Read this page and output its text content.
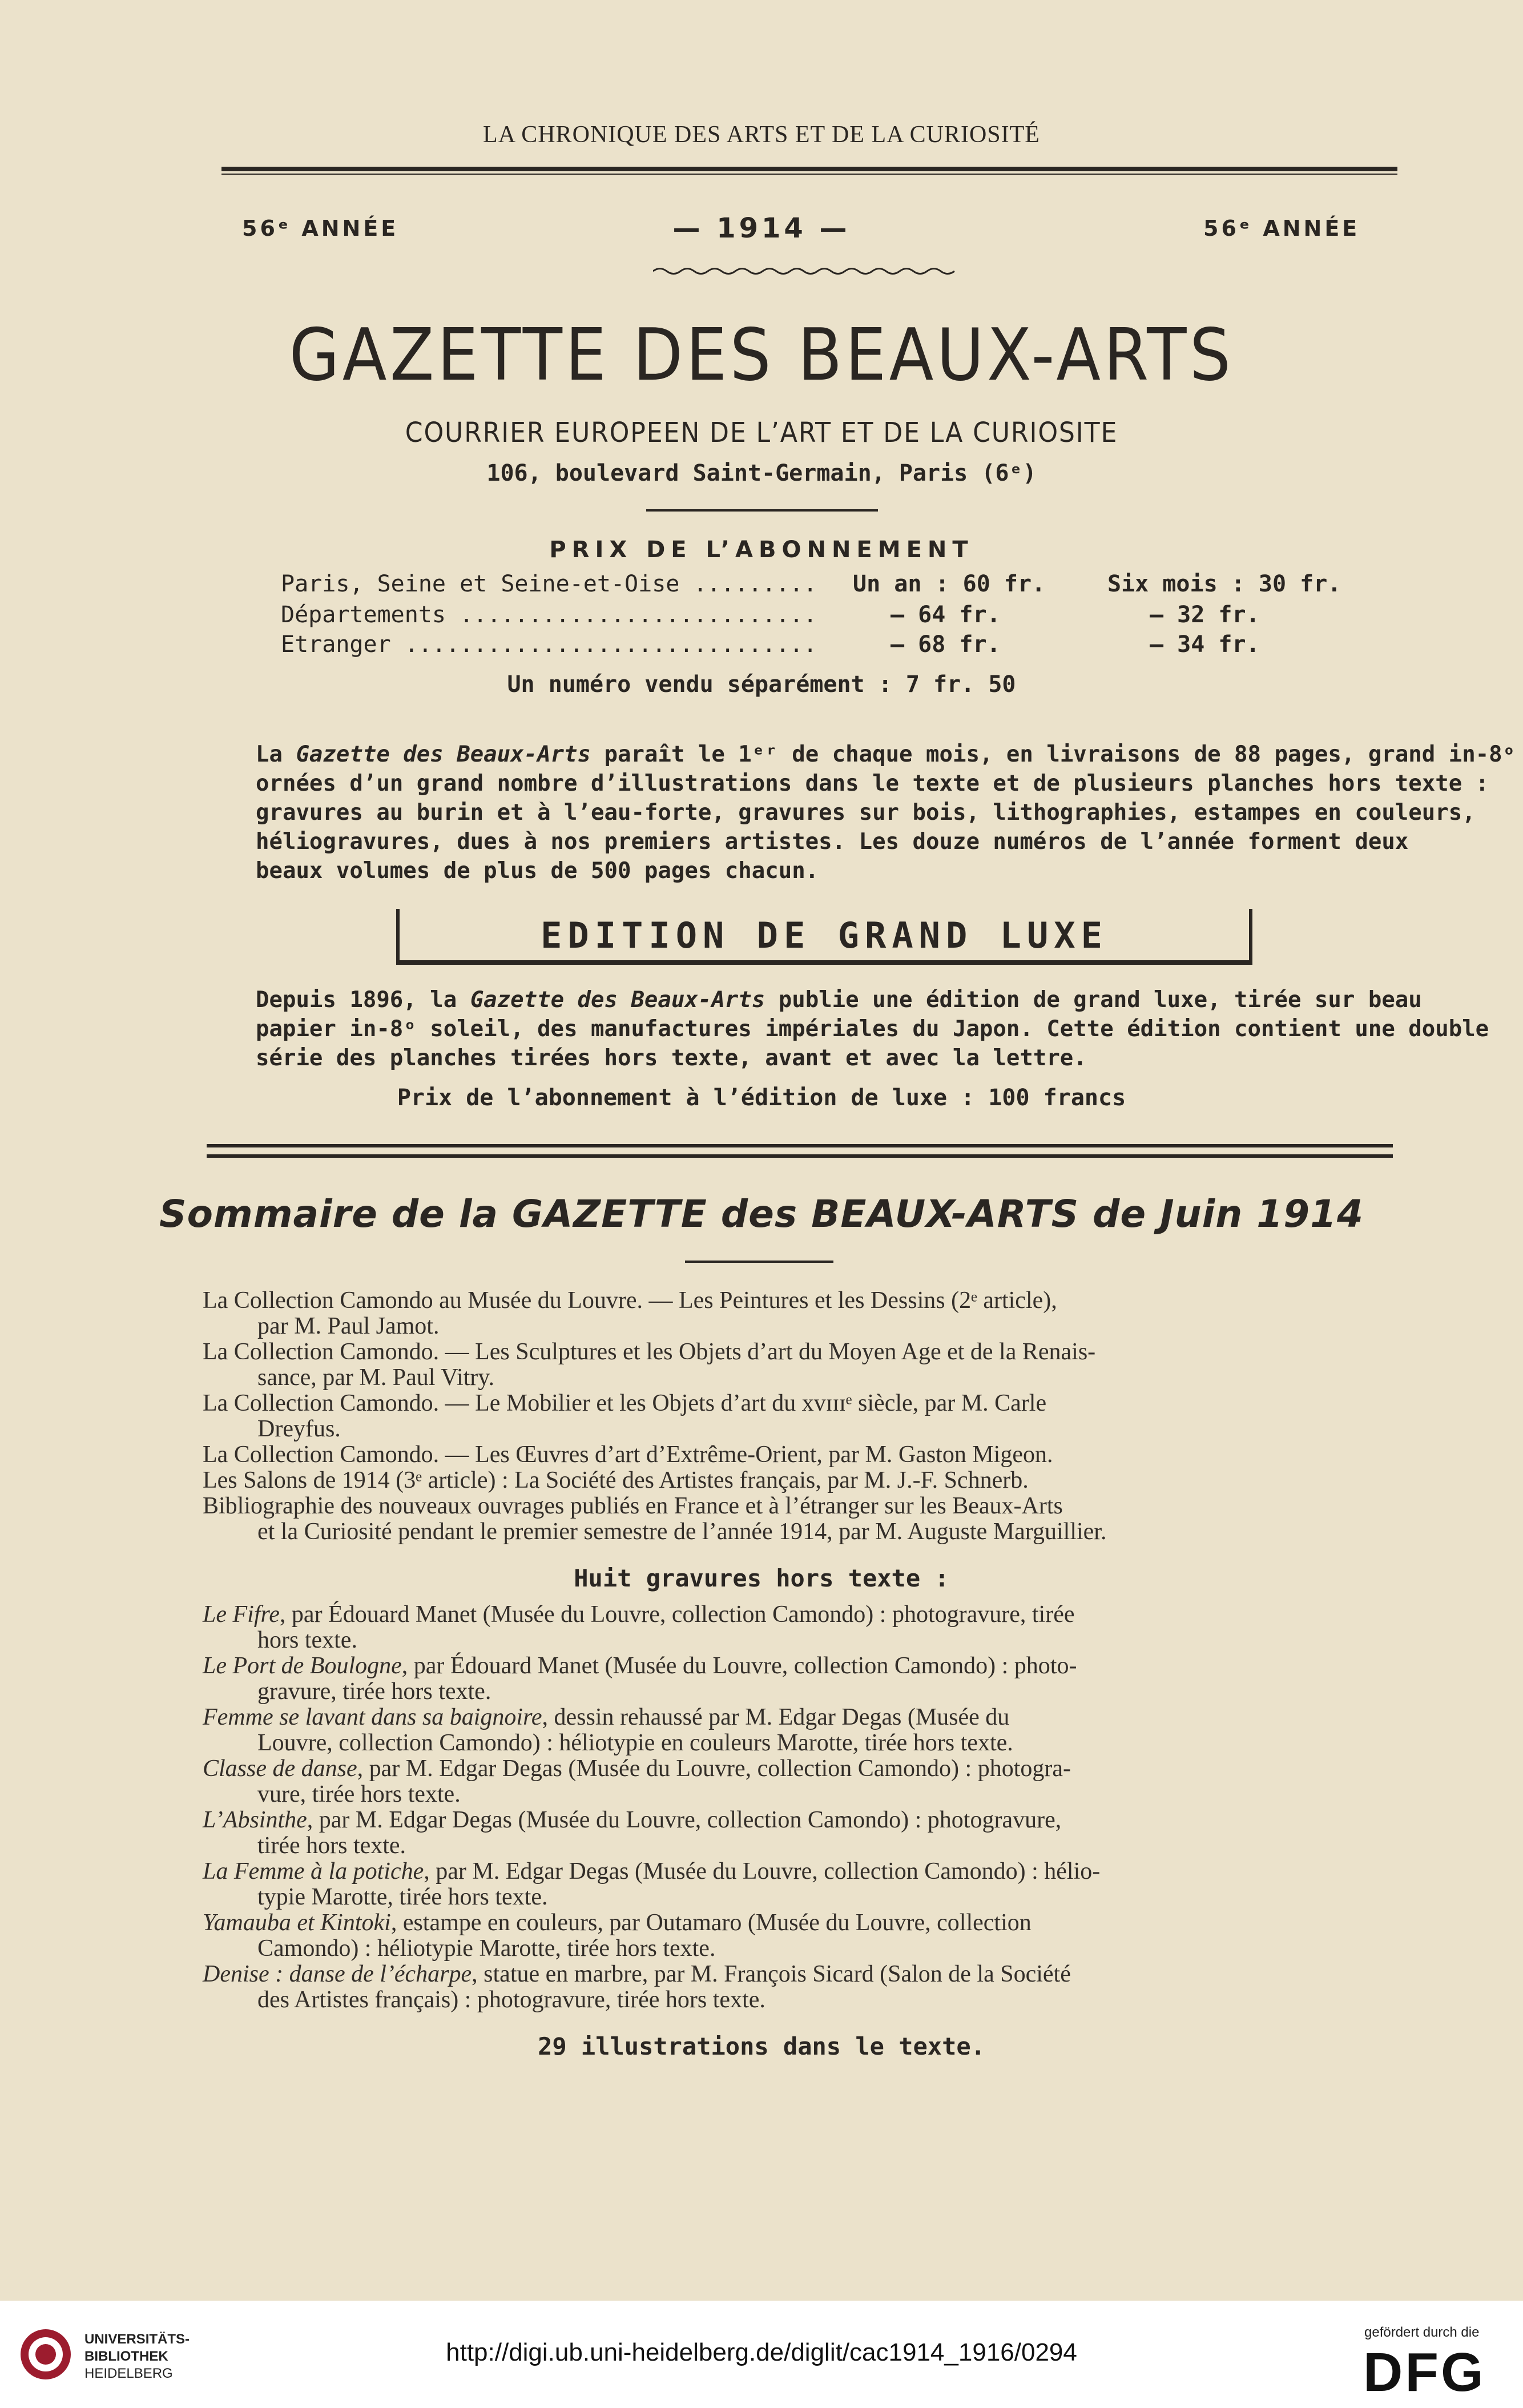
LA CHRONIQUE DES ARTS ET DE LA CURIOSITÉ
56ᵉ ANNÉE	— 1914 —	56ᵉ ANNÉE
GAZETTE DES BEAUX-ARTS
COURRIER EUROPEEN DE L’ART ET DE LA CURIOSITE
106, boulevard Saint-Germain, Paris (6ᵉ)
PRIX DE L’ABONNEMENT
Paris, Seine et Seine-et-Oise ......... Un an : 60 fr.	Six mois : 30 fr.
Départements ..........................	— 64 fr.	— 32 fr.
Etranger ..............................	— 68 fr.	— 34 fr.
Un numéro vendu séparément : 7 fr. 50
La Gazette des Beaux-Arts paraît le 1ᵉʳ de chaque mois, en livraisons de 88 pages, grand in-8ᵒ
ornées d’un grand nombre d’illustrations dans le texte et de plusieurs planches hors texte :
gravures au burin et à l’eau-forte, gravures sur bois, lithographies, estampes en couleurs,
héliogravures, dues à nos premiers artistes. Les douze numéros de l’année forment deux
beaux volumes de plus de 500 pages chacun.
EDITION DE GRAND LUXE
Depuis 1896, la Gazette des Beaux-Arts publie une édition de grand luxe, tirée sur beau
papier in-8ᵒ soleil, des manufactures impériales du Japon. Cette édition contient une double
série des planches tirées hors texte, avant et avec la lettre.
Prix de l’abonnement à l’édition de luxe : 100 francs
Sommaire de la GAZETTE des BEAUX-ARTS de Juin 1914
La Collection Camondo au Musée du Louvre. — Les Peintures et les Dessins (2ᵉ article),
par M. Paul Jamot.
La Collection Camondo. — Les Sculptures et les Objets d’art du Moyen Age et de la Renais-
sance, par M. Paul Vitry.
La Collection Camondo. — Le Mobilier et les Objets d’art du xᴠɪɪɪᵉ siècle, par M. Carle
Dreyfus.
La Collection Camondo. — Les Œuvres d’art d’Extrême-Orient, par M. Gaston Migeon.
Les Salons de 1914 (3ᵉ article) : La Société des Artistes français, par M. J.-F. Schnerb.
Bibliographie des nouveaux ouvrages publiés en France et à l’étranger sur les Beaux-Arts
et la Curiosité pendant le premier semestre de l’année 1914, par M. Auguste Marguillier.
Huit gravures hors texte :
Le Fifre, par Édouard Manet (Musée du Louvre, collection Camondo) : photogravure, tirée
hors texte.
Le Port de Boulogne, par Édouard Manet (Musée du Louvre, collection Camondo) : photo-
gravure, tirée hors texte.
Femme se lavant dans sa baignoire, dessin rehaussé par M. Edgar Degas (Musée du
Louvre, collection Camondo) : héliotypie en couleurs Marotte, tirée hors texte.
Classe de danse, par M. Edgar Degas (Musée du Louvre, collection Camondo) : photogra-
vure, tirée hors texte.
L’Absinthe, par M. Edgar Degas (Musée du Louvre, collection Camondo) : photogravure,
tirée hors texte.
La Femme à la potiche, par M. Edgar Degas (Musée du Louvre, collection Camondo) : hélio-
typie Marotte, tirée hors texte.
Yamauba et Kintoki, estampe en couleurs, par Outamaro (Musée du Louvre, collection
Camondo) : héliotypie Marotte, tirée hors texte.
Denise : danse de l’écharpe, statue en marbre, par M. François Sicard (Salon de la Société
des Artistes français) : photogravure, tirée hors texte.
29 illustrations dans le texte.
UNIVERSITÄTS-
BIBLIOTHEK
HEIDELBERG
http://digi.ub.uni-heidelberg.de/diglit/cac1914_1916/0294
gefördert durch die
DFG
